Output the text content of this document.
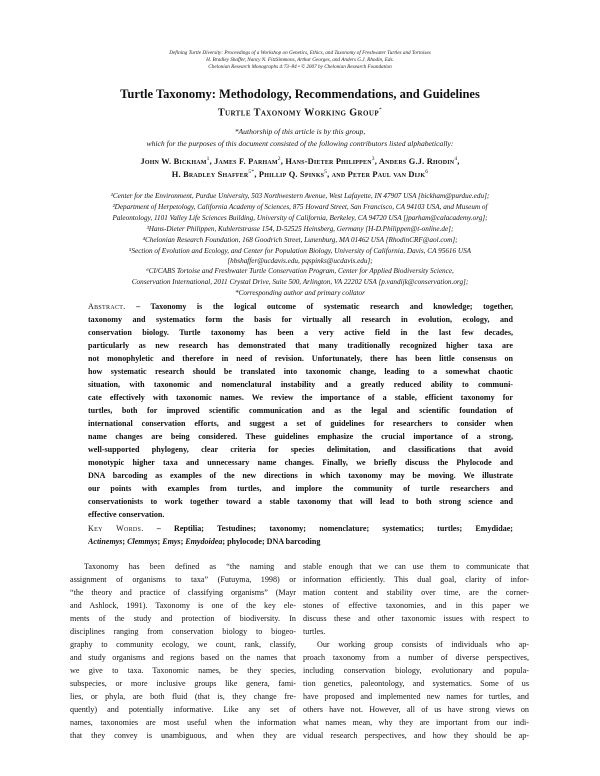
Defining Turtle Diversity: Proceedings of a Workshop on Genetics, Ethics, and Taxonomy of Freshwater Turtles and Tortoises
H. Bradley Shaffer, Nancy N. FitzSimmons, Arthur Georges, and Anders G.J. Rhodin, Eds.
Chelonian Research Monographs 4:73–84 • © 2007 by Chelonian Research Foundation
Turtle Taxonomy: Methodology, Recommendations, and Guidelines
Turtle Taxonomy Working Group*
*Authorship of this article is by this group,
which for the purposes of this document consisted of the following contributors listed alphabetically:
John W. Bickham$^1$, James F. Parham$^2$, Hans-Dieter Philippen$^3$, Anders G.J. Rhodin$^4$,
H. Bradley Shaffer$^{5*}$, Phillip Q. Spinks$^5$, and Peter Paul van Dijk$^6$
¹Center for the Environment, Purdue University, 503 Northwestern Avenue, West Lafayette, IN 47907 USA [bickham@purdue.edu];
²Department of Herpetology, California Academy of Sciences, 875 Howard Street, San Francisco, CA 94103 USA, and Museum of
Paleontology, 1101 Valley Life Sciences Building, University of California, Berkeley, CA 94720 USA [jparham@calacademy.org];
³Hans-Dieter Philippen, Kuhlertstrasse 154, D-52525 Heinsberg, Germany [H-D.Philippen@t-online.de];
⁴Chelonian Research Foundation, 168 Goodrich Street, Lunenburg, MA 01462 USA [RhodinCRF@aol.com];
⁵Section of Evolution and Ecology, and Center for Population Biology, University of California, Davis, CA 95616 USA
[hbshaffer@ucdavis.edu, pqspinks@ucdavis.edu];
⁶CI/CABS Tortoise and Freshwater Turtle Conservation Program, Center for Applied Biodiversity Science,
Conservation International, 2011 Crystal Drive, Suite 500, Arlington, VA 22202 USA [p.vandijk@conservation.org];
*Corresponding author and primary collator
Abstract. – Taxonomy is the logical outcome of systematic research and knowledge; together,
taxonomy and systematics form the basis for virtually all research in evolution, ecology, and
conservation biology. Turtle taxonomy has been a very active field in the last few decades,
particularly as new research has demonstrated that many traditionally recognized higher taxa are
not monophyletic and therefore in need of revision. Unfortunately, there has been little consensus on
how systematic research should be translated into taxonomic change, leading to a somewhat chaotic
situation, with taxonomic and nomenclatural instability and a greatly reduced ability to communi-
cate effectively with taxonomic names. We review the importance of a stable, efficient taxonomy for
turtles, both for improved scientific communication and as the legal and scientific foundation of
international conservation efforts, and suggest a set of guidelines for researchers to consider when
name changes are being considered. These guidelines emphasize the crucial importance of a strong,
well-supported phylogeny, clear criteria for species delimitation, and classifications that avoid
monotypic higher taxa and unnecessary name changes. Finally, we briefly discuss the Phylocode and
DNA barcoding as examples of the new directions in which taxonomy may be moving. We illustrate
our points with examples from turtles, and implore the community of turtle researchers and
conservationists to work together toward a stable taxonomy that will lead to both strong science and
effective conservation.
Key Words. – Reptilia; Testudines; taxonomy; nomenclature; systematics; turtles; Emydidae;
Actinemys; Clemmys; Emys; Emydoidea; phylocode; DNA barcoding
Taxonomy has been defined as “the naming and
assignment of organisms to taxa” (Futuyma, 1998) or
“the theory and practice of classifying organisms” (Mayr
and Ashlock, 1991). Taxonomy is one of the key ele-
ments of the study and protection of biodiversity. In
disciplines ranging from conservation biology to biogeo-
graphy to community ecology, we count, rank, classify,
and study organisms and regions based on the names that
we give to taxa. Taxonomic names, be they species,
subspecies, or more inclusive groups like genera, fami-
lies, or phyla, are both fluid (that is, they change fre-
quently) and potentially informative. Like any set of
names, taxonomies are most useful when the information
that they convey is unambiguous, and when they are
stable enough that we can use them to communicate that
information efficiently. This dual goal, clarity of infor-
mation content and stability over time, are the corner-
stones of effective taxonomies, and in this paper we
discuss these and other taxonomic issues with respect to
turtles.
Our working group consists of individuals who ap-
proach taxonomy from a number of diverse perspectives,
including conservation biology, evolutionary and popula-
tion genetics, paleontology, and systematics. Some of us
have proposed and implemented new names for turtles, and
others have not. However, all of us have strong views on
what names mean, why they are important from our indi-
vidual research perspectives, and how they should be ap-
